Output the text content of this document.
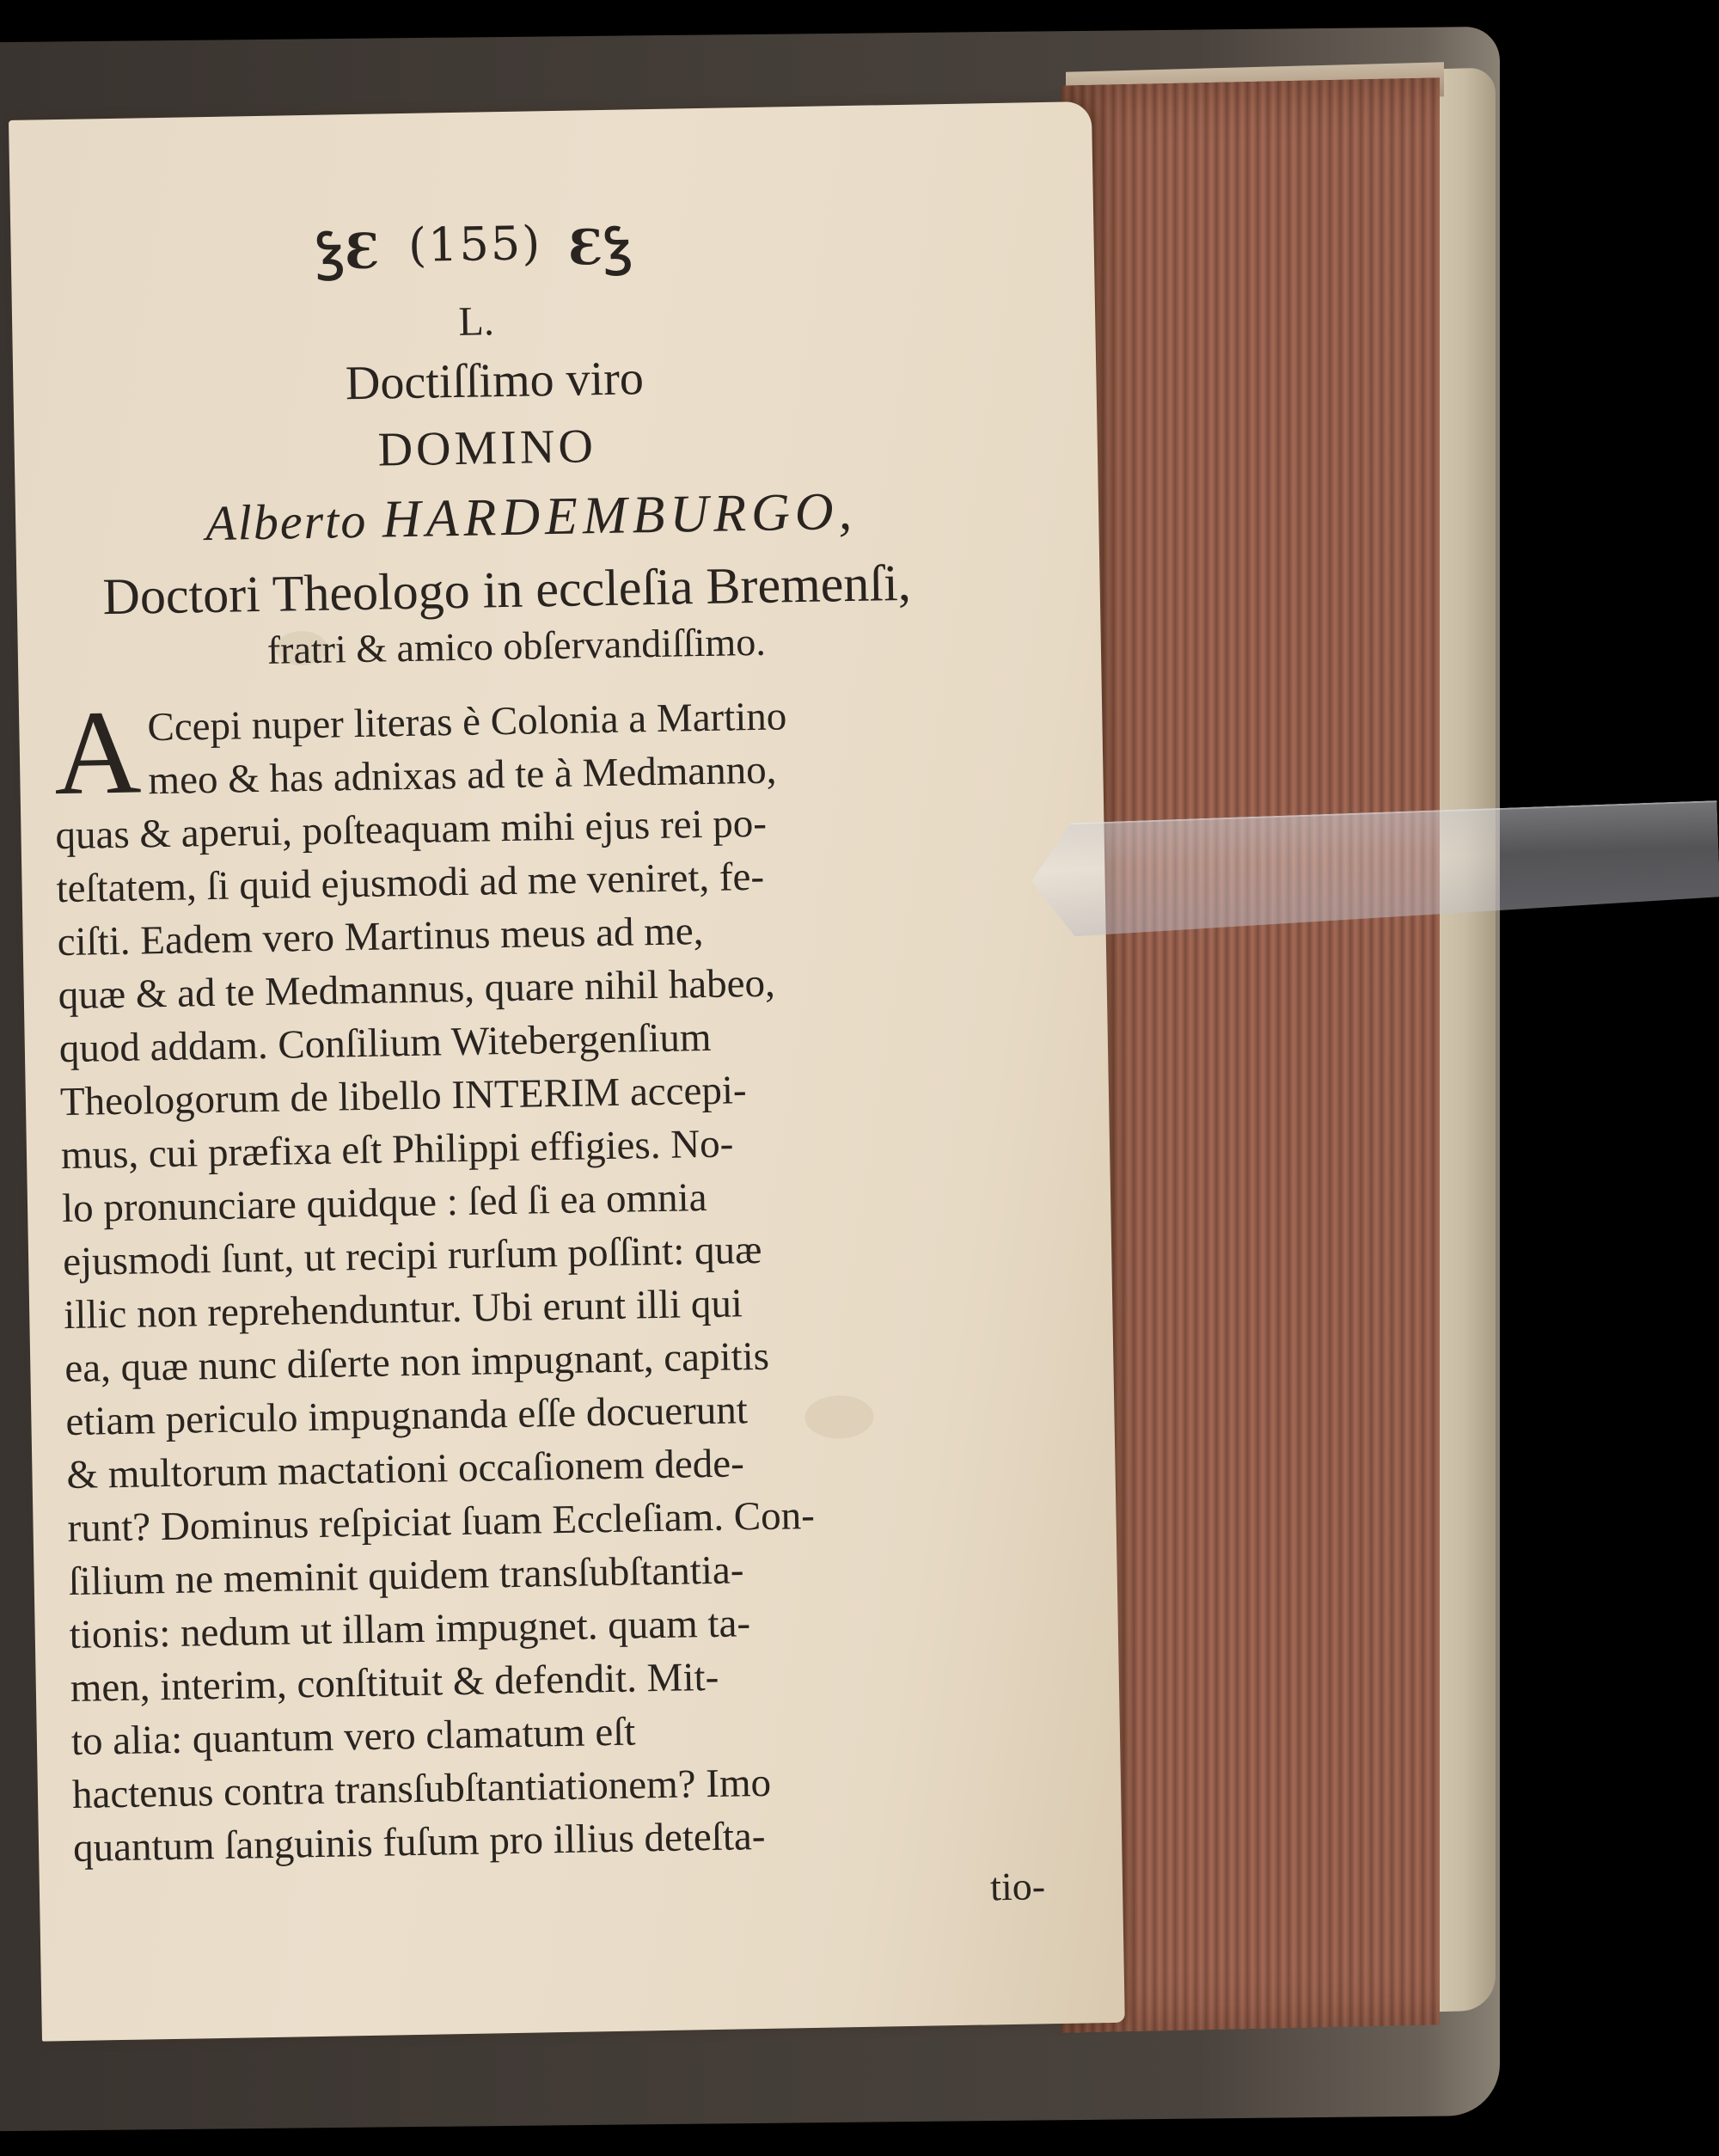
ꝢƐ (155) ƐꝢ
L.
Doctiſſimo viro
DOMINO
Alberto HARDEMBURGO,
Doctori Theologo in eccleſia Bremenſi,
fratri & amico obſervandiſſimo.
A Ccepi nuper literas è Colonia a Martino
meo & has adnixas ad te à Medmanno,
quas & aperui, poſteaquam mihi ejus rei po-
teſtatem, ſi quid ejusmodi ad me veniret, fe-
ciſti. Eadem vero Martinus meus ad me,
quæ & ad te Medmannus, quare nihil habeo,
quod addam. Conſilium Witebergenſium
Theologorum de libello INTERIM accepi-
mus, cui præfixa eſt Philippi effigies. No-
lo pronunciare quidque : ſed ſi ea omnia
ejusmodi ſunt, ut recipi rurſum poſſint: quæ
illic non reprehenduntur. Ubi erunt illi qui
ea, quæ nunc diſerte non impugnant, capitis
etiam periculo impugnanda eſſe docuerunt
& multorum mactationi occaſionem dede-
runt? Dominus reſpiciat ſuam Eccleſiam. Con-
ſilium ne meminit quidem transſubſtantia-
tionis: nedum ut illam impugnet. quam ta-
men, interim, conſtituit & defendit. Mit-
to alia: quantum vero clamatum eſt
hactenus contra transſubſtantiationem? Imo
quantum ſanguinis fuſum pro illius deteſta-
tio-
